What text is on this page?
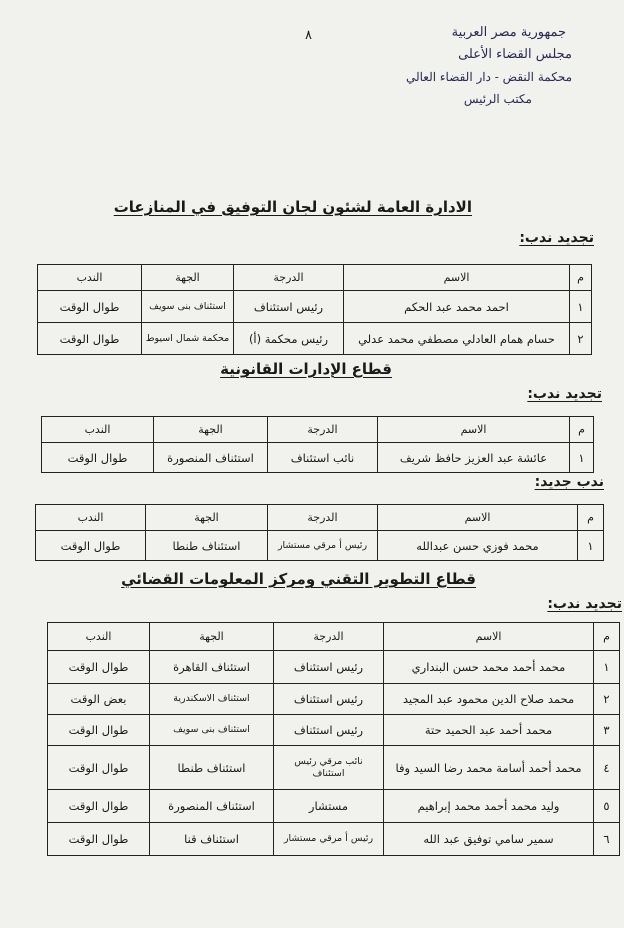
٨	جمهورية مصر العربية
مجلس القضاء الأعلى
محكمة النقض - دار القضاء العالي
مكتب الرئيس
الادارة العامة لشئون لجان التوفيق في المنازعات
تجديد ندب:
م	الاسم	الدرجة	الجهة	الندب
١	احمد محمد عبد الحكم	رئيس استئناف	استئناف بنى سويف	طوال الوقت
٢	حسام همام العادلي مصطفي محمد عدلي	رئيس محكمة (أ)	محكمة شمال اسيوط	طوال الوقت
قطاع الإدارات القانونية
تجديد ندب:
م	الاسم	الدرجة	الجهة	الندب
١	عائشة عبد العزيز حافظ شريف	نائب استئناف	استئناف المنصورة	طوال الوقت
ندب جديد:
م	الاسم	الدرجة	الجهة	الندب
١	محمد فوزي حسن عبدالله	رئيس أ مرقي مستشار	استئناف طنطا	طوال الوقت
قطاع التطوير التقني ومركز المعلومات القضائي
تجديد ندب:
م	الاسم	الدرجة	الجهة	الندب
١	محمد أحمد محمد حسن البنداري	رئيس استئناف	استئناف القاهرة	طوال الوقت
٢	محمد صلاح الدين محمود عبد المجيد	رئيس استئناف	استئناف الاسكندرية	بعض الوقت
٣	محمد أحمد عبد الحميد حتة	رئيس استئناف	استئناف بنى سويف	طوال الوقت
٤	محمد أحمد أسامة محمد رضا السيد وفا	نائب مرقي رئيس استئناف	استئناف طنطا	طوال الوقت
٥	وليد محمد أحمد محمد إبراهيم	مستشار	استئناف المنصورة	طوال الوقت
٦	سمير سامي توفيق عبد الله	رئيس أ مرقي مستشار	استئناف قنا	طوال الوقت
